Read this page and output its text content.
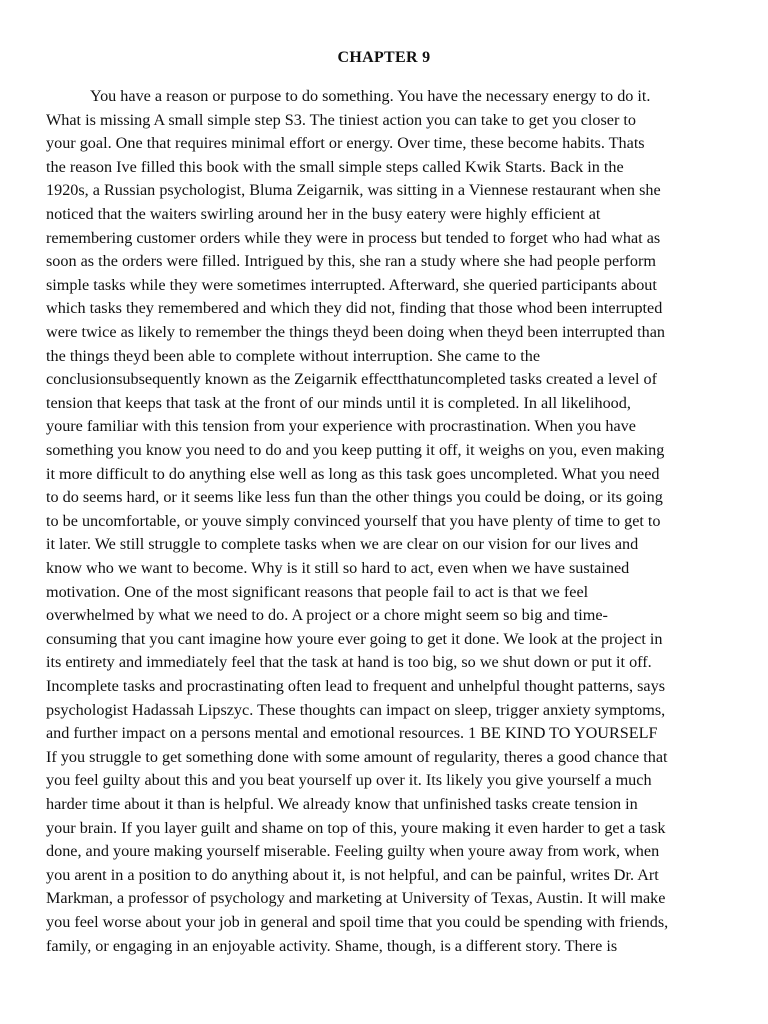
CHAPTER 9
You have a reason or purpose to do something. You have the necessary energy to do it.
What is missing A small simple step S3. The tiniest action you can take to get you closer to
your goal. One that requires minimal effort or energy. Over time, these become habits. Thats
the reason Ive filled this book with the small simple steps called Kwik Starts. Back in the
1920s, a Russian psychologist, Bluma Zeigarnik, was sitting in a Viennese restaurant when she
noticed that the waiters swirling around her in the busy eatery were highly efficient at
remembering customer orders while they were in process but tended to forget who had what as
soon as the orders were filled. Intrigued by this, she ran a study where she had people perform
simple tasks while they were sometimes interrupted. Afterward, she queried participants about
which tasks they remembered and which they did not, finding that those whod been interrupted
were twice as likely to remember the things theyd been doing when theyd been interrupted than
the things theyd been able to complete without interruption. She came to the
conclusionsubsequently known as the Zeigarnik effectthatuncompleted tasks created a level of
tension that keeps that task at the front of our minds until it is completed. In all likelihood,
youre familiar with this tension from your experience with procrastination. When you have
something you know you need to do and you keep putting it off, it weighs on you, even making
it more difficult to do anything else well as long as this task goes uncompleted. What you need
to do seems hard, or it seems like less fun than the other things you could be doing, or its going
to be uncomfortable, or youve simply convinced yourself that you have plenty of time to get to
it later. We still struggle to complete tasks when we are clear on our vision for our lives and
know who we want to become. Why is it still so hard to act, even when we have sustained
motivation. One of the most significant reasons that people fail to act is that we feel
overwhelmed by what we need to do. A project or a chore might seem so big and time-
consuming that you cant imagine how youre ever going to get it done. We look at the project in
its entirety and immediately feel that the task at hand is too big, so we shut down or put it off.
Incomplete tasks and procrastinating often lead to frequent and unhelpful thought patterns, says
psychologist Hadassah Lipszyc. These thoughts can impact on sleep, trigger anxiety symptoms,
and further impact on a persons mental and emotional resources. 1 BE KIND TO YOURSELF
If you struggle to get something done with some amount of regularity, theres a good chance that
you feel guilty about this and you beat yourself up over it. Its likely you give yourself a much
harder time about it than is helpful. We already know that unfinished tasks create tension in
your brain. If you layer guilt and shame on top of this, youre making it even harder to get a task
done, and youre making yourself miserable. Feeling guilty when youre away from work, when
you arent in a position to do anything about it, is not helpful, and can be painful, writes Dr. Art
Markman, a professor of psychology and marketing at University of Texas, Austin. It will make
you feel worse about your job in general and spoil time that you could be spending with friends,
family, or engaging in an enjoyable activity. Shame, though, is a different story. There is
